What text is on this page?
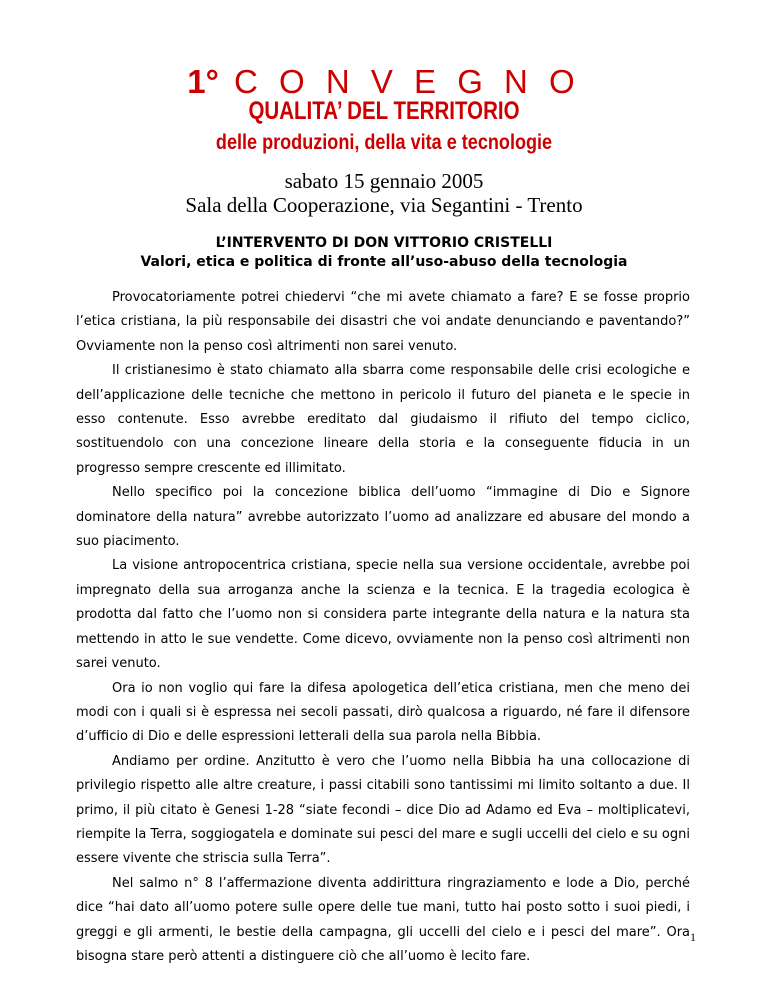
1° C O N V E G N O
QUALITA’ DEL TERRITORIO
delle produzioni, della vita e tecnologie
sabato 15 gennaio 2005
Sala della Cooperazione, via Segantini - Trento
L’INTERVENTO DI DON VITTORIO CRISTELLI
Valori, etica e politica di fronte all’uso-abuso della tecnologia

Provocatoriamente potrei chiedervi “che mi avete chiamato a fare? E se fosse proprio l’etica cristiana, la più responsabile dei disastri che voi andate denunciando e paventando?” Ovviamente non la penso così altrimenti non sarei venuto.

Il cristianesimo è stato chiamato alla sbarra come responsabile delle crisi ecologiche e dell’applicazione delle tecniche che mettono in pericolo il futuro del pianeta e le specie in esso contenute. Esso avrebbe ereditato dal giudaismo il rifiuto del tempo ciclico, sostituendolo con una concezione lineare della storia e la conseguente fiducia in un progresso sempre crescente ed illimitato.

Nello specifico poi la concezione biblica dell’uomo “immagine di Dio e Signore dominatore della natura” avrebbe autorizzato l’uomo ad analizzare ed abusare del mondo a suo piacimento.

La visione antropocentrica cristiana, specie nella sua versione occidentale, avrebbe poi impregnato della sua arroganza anche la scienza e la tecnica. E la tragedia ecologica è prodotta dal fatto che l’uomo non si considera parte integrante della natura e la natura sta mettendo in atto le sue vendette. Come dicevo, ovviamente non la penso così altrimenti non sarei venuto.

Ora io non voglio qui fare la difesa apologetica dell’etica cristiana, men che meno dei modi con i quali si è espressa nei secoli passati, dirò qualcosa a riguardo, né fare il difensore d’ufficio di Dio e delle espressioni letterali della sua parola nella Bibbia.

Andiamo per ordine. Anzitutto è vero che l’uomo nella Bibbia ha una collocazione di privilegio rispetto alle altre creature, i passi citabili sono tantissimi mi limito soltanto a due. Il primo, il più citato è Genesi 1-28 “siate fecondi – dice Dio ad Adamo ed Eva – moltiplicatevi, riempite la Terra, soggiogatela e dominate sui pesci del mare e sugli uccelli del cielo e su ogni essere vivente che striscia sulla Terra”.

Nel salmo n° 8 l’affermazione diventa addirittura ringraziamento e lode a Dio, perché dice “hai dato all’uomo potere sulle opere delle tue mani, tutto hai posto sotto i suoi piedi, i greggi e gli armenti, le bestie della campagna, gli uccelli del cielo e i pesci del mare”. Ora bisogna stare però attenti a distinguere ciò che all’uomo è lecito fare.

1
